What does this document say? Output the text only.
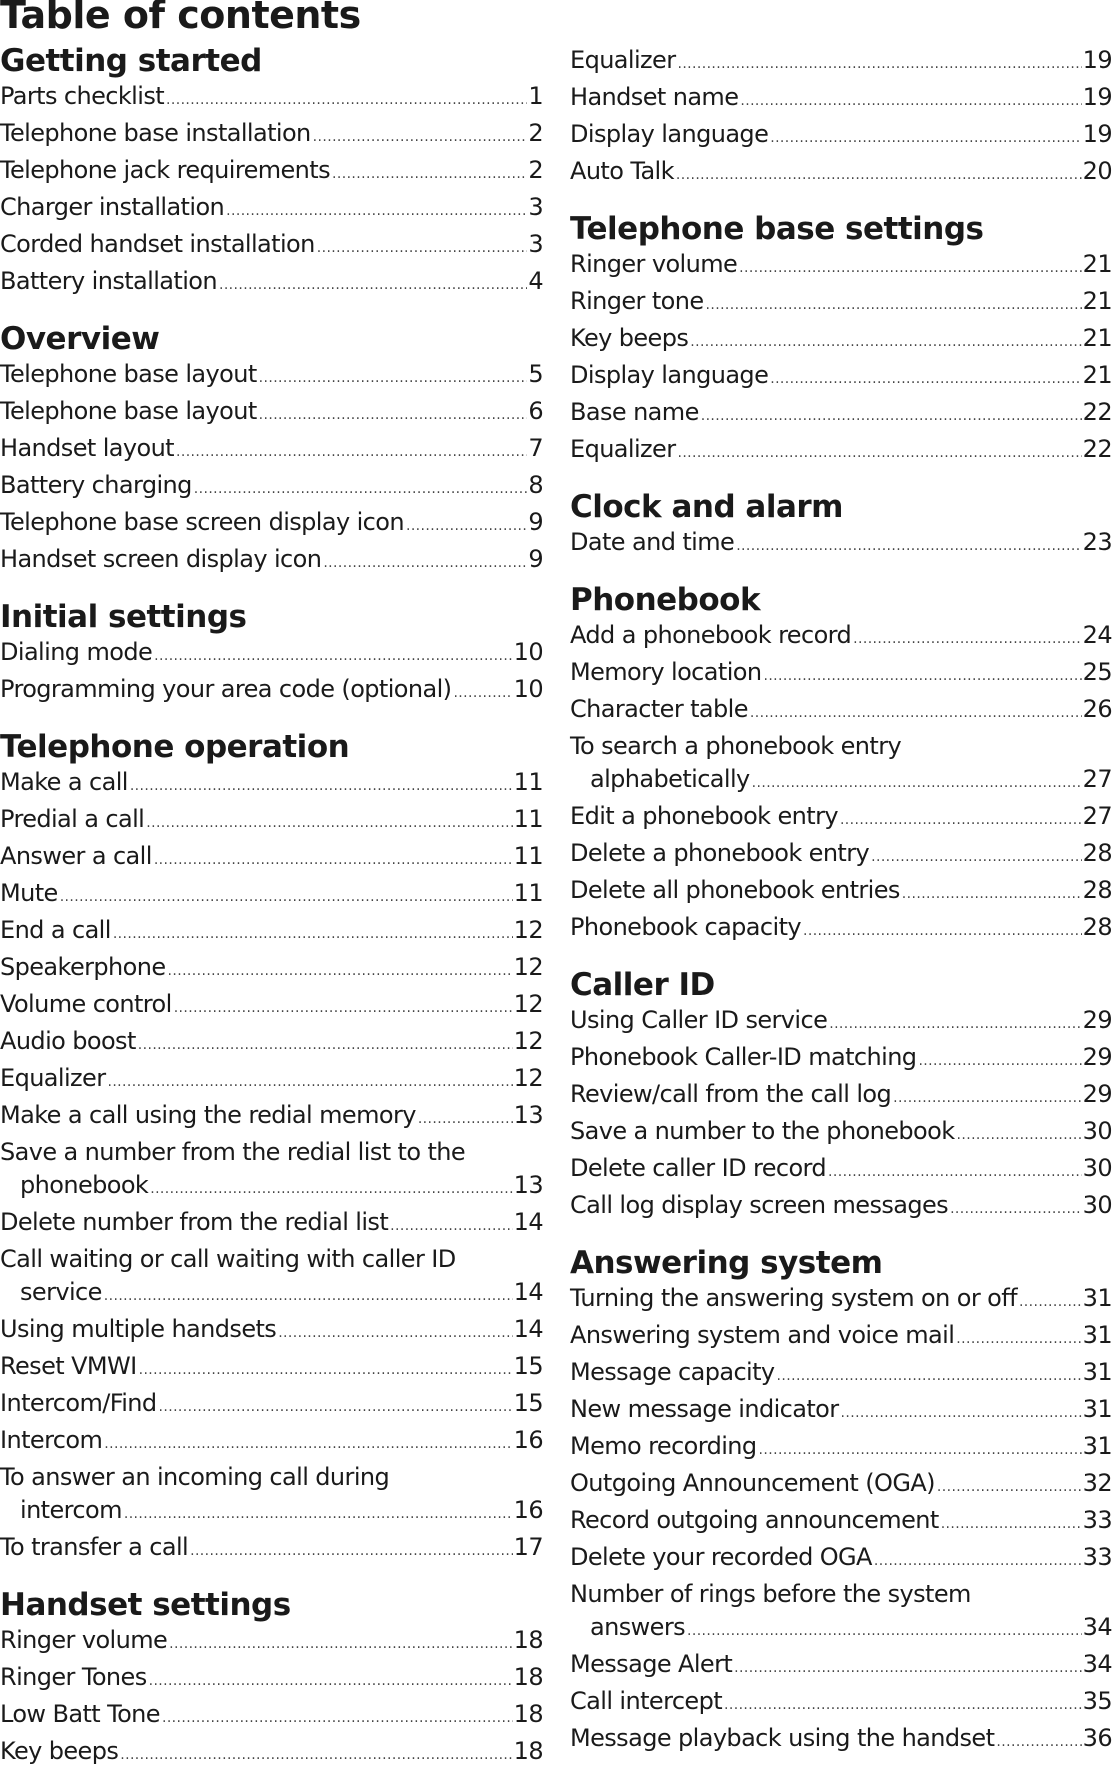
Table of contents
Getting started
Parts checklist .....	1
Telephone base installation .....	2
Telephone jack requirements .....	2
Charger installation .....	3
Corded handset installation .....	3
Battery installation .....	4
Overview
Telephone base layout .....	5
Telephone base layout .....	6
Handset layout .....	7
Battery charging .....	8
Telephone base screen display icon .....	9
Handset screen display icon .....	9
Initial settings
Dialing mode .....	10
Programming your area code (optional) .....	10
Telephone operation
Make a call .....	11
Predial a call .....	11
Answer a call .....	11
Mute .....	11
End a call .....	12
Speakerphone .....	12
Volume control .....	12
Audio boost .....	12
Equalizer .....	12
Make a call using the redial memory .....	13
Save a number from the redial list to the
phonebook .....	13
Delete number from the redial list .....	14
Call waiting or call waiting with caller ID
service .....	14
Using multiple handsets .....	14
Reset VMWI .....	15
Intercom/Find .....	15
Intercom .....	16
To answer an incoming call during
intercom .....	16
To transfer a call .....	17
Handset settings
Ringer volume .....	18
Ringer Tones .....	18
Low Batt Tone .....	18
Key beeps .....	18
Equalizer .....	19
Handset name .....	19
Display language .....	19
Auto Talk .....	20
Telephone base settings
Ringer volume .....	21
Ringer tone .....	21
Key beeps .....	21
Display language .....	21
Base name .....	22
Equalizer .....	22
Clock and alarm
Date and time .....	23
Phonebook
Add a phonebook record .....	24
Memory location .....	25
Character table .....	26
To search a phonebook entry
alphabetically .....	27
Edit a phonebook entry .....	27
Delete a phonebook entry .....	28
Delete all phonebook entries .....	28
Phonebook capacity .....	28
Caller ID
Using Caller ID service .....	29
Phonebook Caller-ID matching .....	29
Review/call from the call log .....	29
Save a number to the phonebook .....	30
Delete caller ID record .....	30
Call log display screen messages .....	30
Answering system
Turning the answering system on or off .....	31
Answering system and voice mail .....	31
Message capacity .....	31
New message indicator .....	31
Memo recording .....	31
Outgoing Announcement (OGA) .....	32
Record outgoing announcement .....	33
Delete your recorded OGA .....	33
Number of rings before the system
answers .....	34
Message Alert .....	34
Call intercept .....	35
Message playback using the handset .....	36
